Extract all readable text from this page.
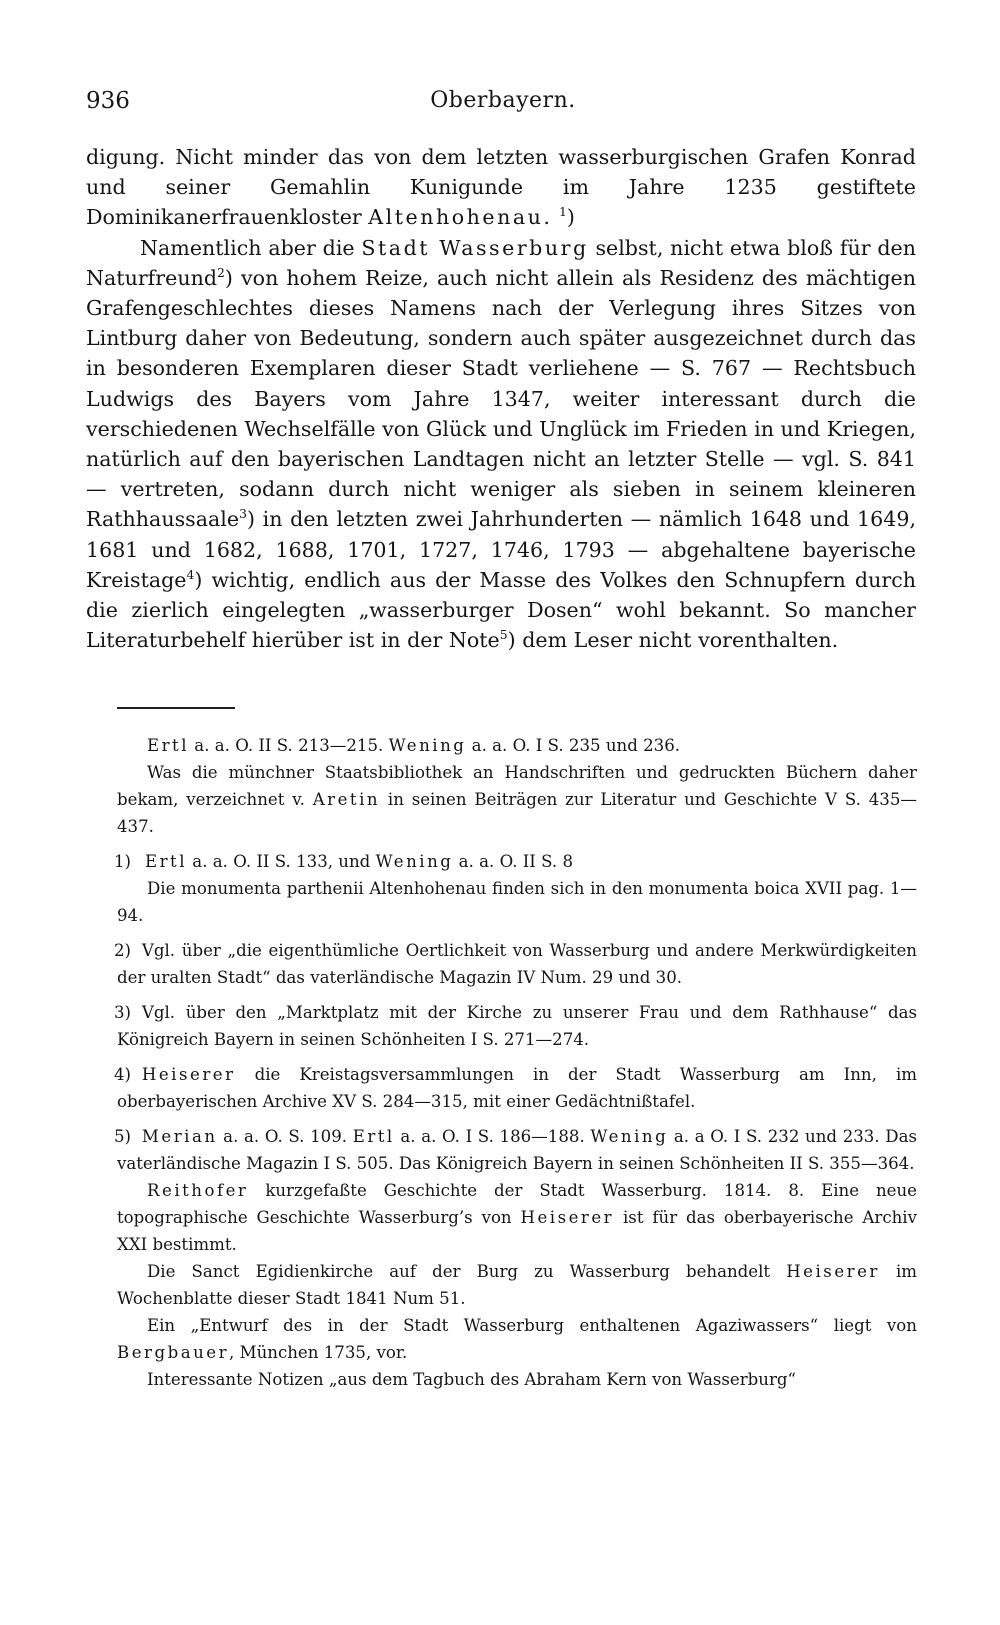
936	Oberbayern.

digung. Nicht minder das von dem letzten wasserburgischen Grafen Konrad und seiner Gemahlin Kunigunde im Jahre 1235 gestiftete Dominikanerfrauenkloster Altenhohenau. $^1$)

Namentlich aber die Stadt Wasserburg selbst, nicht etwa bloß für den Naturfreund$^2$) von hohem Reize, auch nicht allein als Residenz des mächtigen Grafengeschlechtes dieses Namens nach der Verlegung ihres Sitzes von Lintburg daher von Bedeutung, sondern auch später ausgezeichnet durch das in besonderen Exemplaren dieser Stadt verliehene — S. 767 — Rechtsbuch Ludwigs des Bayers vom Jahre 1347, weiter interessant durch die verschiedenen Wechselfälle von Glück und Unglück im Frieden in und Kriegen, natürlich auf den bayerischen Landtagen nicht an letzter Stelle — vgl. S. 841 — vertreten, sodann durch nicht weniger als sieben in seinem kleineren Rathhaussaale$^3$) in den letzten zwei Jahrhunderten — nämlich 1648 und 1649, 1681 und 1682, 1688, 1701, 1727, 1746, 1793 — abgehaltene bayerische Kreistage$^4$) wichtig, endlich aus der Masse des Volkes den Schnupfern durch die zierlich eingelegten „wasserburger Dosen“ wohl bekannt. So mancher Literaturbehelf hierüber ist in der Note$^5$) dem Leser nicht vorenthalten.

Ertl a. a. O. II S. 213—215. Wening a. a. O. I S. 235 und 236.

Was die münchner Staatsbibliothek an Handschriften und gedruckten Büchern daher bekam, verzeichnet v. Aretin in seinen Beiträgen zur Literatur und Geschichte V S. 435—437.

1) Ertl a. a. O. II S. 133, und Wening a. a. O. II S. 8

Die monumenta parthenii Altenhohenau finden sich in den monumenta boica XVII pag. 1—94.

2)
   Vgl. über „die eigenthümliche Oertlichkeit von Wasserburg und andere Merkwürdigkeiten der uralten Stadt“ das vaterländische Magazin IV Num. 29 und 30.

3)
   Vgl. über den „Marktplatz mit der Kirche zu unserer Frau und dem Rathhause“ das Königreich Bayern in seinen Schönheiten I S. 271—274.

4)
   Heiserer die Kreistagsversammlungen in der Stadt Wasserburg am Inn, im oberbayerischen Archive XV S. 284—315, mit einer Gedächtnißtafel.

5)
   Merian a. a. O. S. 109. Ertl a. a. O. I S. 186—188. Wening a. a O. I S. 232 und 233. Das vaterländische Magazin I S. 505. Das Königreich Bayern in seinen Schönheiten II S. 355—364.

Reithofer kurzgefaßte Geschichte der Stadt Wasserburg. 1814. 8. Eine neue topographische Geschichte Wasserburg’s von Heiserer ist für das oberbayerische Archiv XXI bestimmt.

Die Sanct Egidienkirche auf der Burg zu Wasserburg behandelt Heiserer im Wochenblatte dieser Stadt 1841 Num 51.

Ein „Entwurf des in der Stadt Wasserburg enthaltenen Agaziwassers“ liegt von Bergbauer, München 1735, vor.

Interessante Notizen „aus dem Tagbuch des Abraham Kern von Wasserburg“
